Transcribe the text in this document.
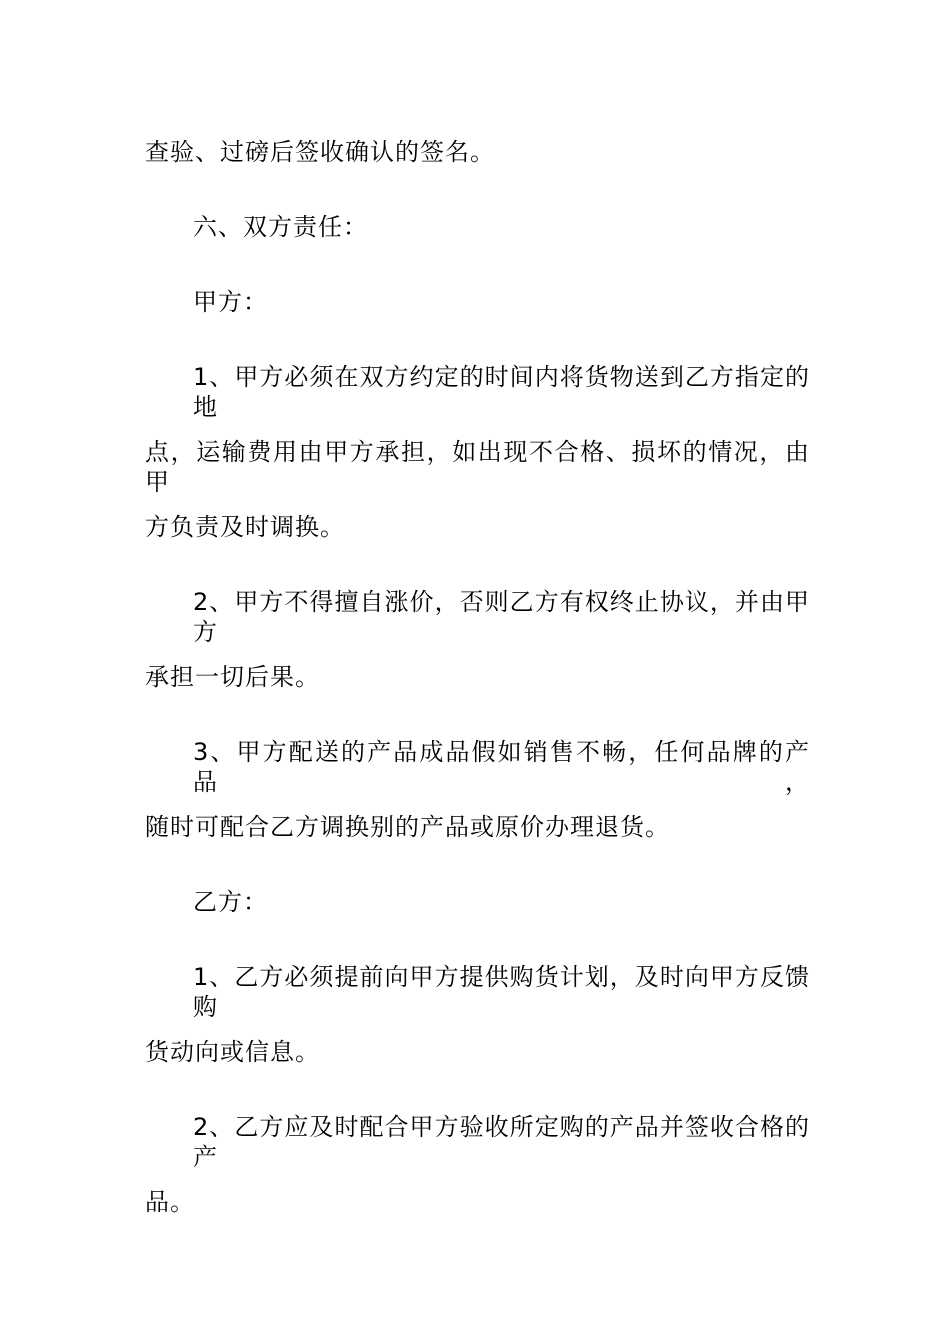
查验、过磅后签收确认的签名。
六、双方责任：
甲方：
1、甲方必须在双方约定的时间内将货物送到乙方指定的地
点，运输费用由甲方承担，如出现不合格、损坏的情况，由甲
方负责及时调换。
2、甲方不得擅自涨价，否则乙方有权终止协议，并由甲方
承担一切后果。
3、甲方配送的产品成品假如销售不畅，任何品牌的产品，
随时可配合乙方调换别的产品或原价办理退货。
乙方：
1、乙方必须提前向甲方提供购货计划，及时向甲方反馈购
货动向或信息。
2、乙方应及时配合甲方验收所定购的产品并签收合格的产
品。
